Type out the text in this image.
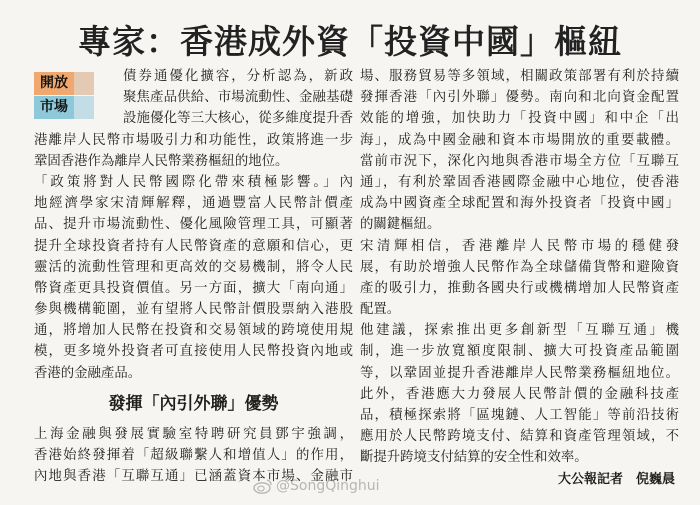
專家：香港成外資「投資中國」樞紐
開放
市場
債券通優化擴容，分析認為，新政
聚焦產品供給、市場流動性、金融基礎
設施優化等三大核心，從多維度提升香
港離岸人民幣市場吸引力和功能性，政策將進一步
鞏固香港作為離岸人民幣業務樞紐的地位。
「政策將對人民幣國際化帶來積極影響。」內
地經濟學家宋清輝解釋，通過豐富人民幣計價產
品、提升市場流動性、優化風險管理工具，可顯著
提升全球投資者持有人民幣資產的意願和信心，更
靈活的流動性管理和更高效的交易機制，將令人民
幣資產更具投資價值。另一方面，擴大「南向通」
參與機構範圍，並有望將人民幣計價股票納入港股
通，將增加人民幣在投資和交易領域的跨境使用規
模，更多境外投資者可直接使用人民幣投資內地或
香港的金融產品。
發揮「內引外聯」優勢
上海金融與發展實驗室特聘研究員鄧宇強調，
香港始終發揮着「超級聯繫人和增值人」的作用，
內地與香港「互聯互通」已涵蓋資本市場、金融市
場、服務貿易等多領域，相關政策部署有利於持續
發揮香港「內引外聯」優勢。南向和北向資金配置
效能的增強，加快助力「投資中國」和中企「出
海」，成為中國金融和資本市場開放的重要載體。
當前市況下，深化內地與香港市場全方位「互聯互
通」，有利於鞏固香港國際金融中心地位，使香港
成為中國資產全球配置和海外投資者「投資中國」
的關鍵樞紐。
宋清輝相信，香港離岸人民幣市場的穩健發
展，有助於增強人民幣作為全球儲備貨幣和避險資
產的吸引力，推動各國央行或機構增加人民幣資產
配置。
他建議，探索推出更多創新型「互聯互通」機
制，進一步放寬額度限制、擴大可投資產品範圍
等，以鞏固並提升香港離岸人民幣業務樞紐地位。
此外，香港應大力發展人民幣計價的金融科技產
品，積極探索將「區塊鏈、人工智能」等前沿技術
應用於人民幣跨境支付、結算和資產管理領域，不
斷提升跨境支付結算的安全性和效率。
大公報記者　倪巍晨
@SongQinghui
